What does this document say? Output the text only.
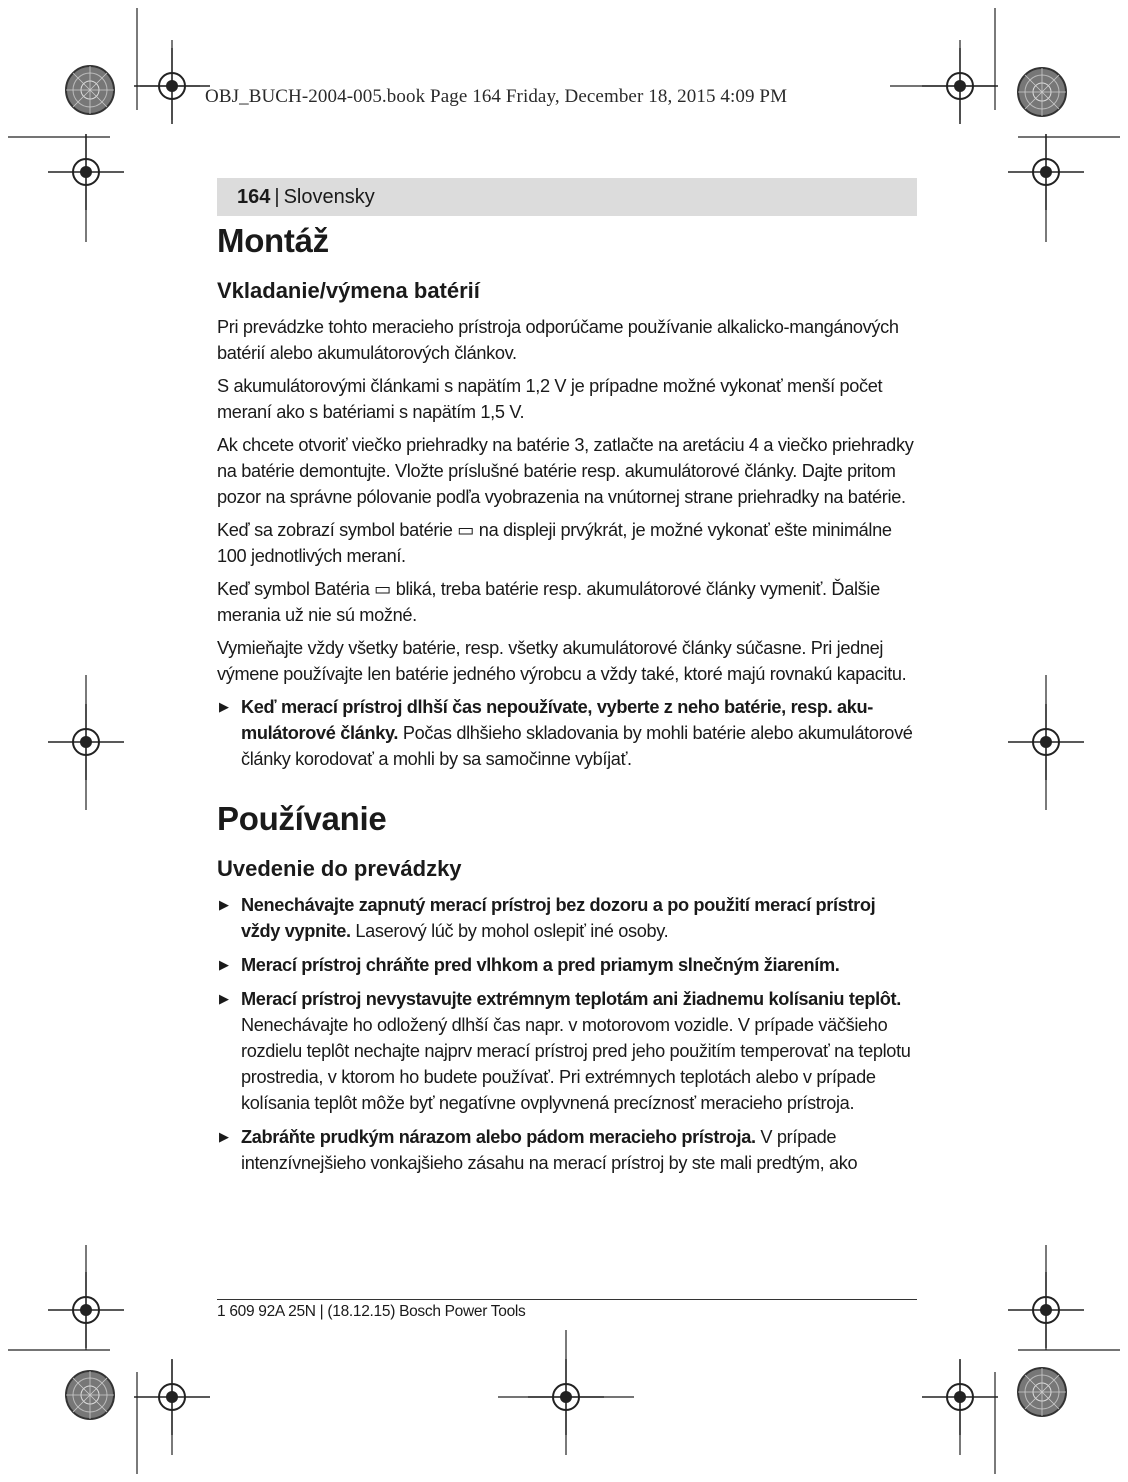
OBJ_BUCH-2004-005.book Page 164 Friday, December 18, 2015 4:09 PM
164 | Slovensky
Montáž
Vkladanie/výmena batérií

Pri prevádzke tohto meracieho prístroja odporúčame používanie alkalicko-mangánových batérií alebo akumulátorových článkov.

S akumulátorovými článkami s napätím 1,2 V je prípadne možné vykonať menší počet meraní ako s batériami s napätím 1,5 V.

Ak chcete otvoriť viečko priehradky na batérie 3, zatlačte na aretáciu 4 a viečko priehradky na batérie demontujte. Vložte príslušné batérie resp. akumulátorové články. Dajte pritom pozor na správne pólovanie podľa vyobrazenia na vnútornej strane priehradky na batérie.

Keď sa zobrazí symbol batérie ▭ na displeji prvýkrát, je možné vykonať ešte minimálne 100 jednotlivých meraní.

Keď symbol Batéria ▭ bliká, treba batérie resp. akumulátorové články vymeniť. Ďalšie merania už nie sú možné.

Vymieňajte vždy všetky batérie, resp. všetky akumulátorové články súčasne. Pri jednej výmene používajte len batérie jedného výrobcu a vždy také, ktoré majú rovnakú kapacitu.

▶ Keď merací prístroj dlhší čas nepoužívate, vyberte z neho batérie, resp. akumulátorové články. Počas dlhšieho skladovania by mohli batérie alebo akumulátorové články korodovať a mohli by sa samočinne vybíjať.
Používanie
Uvedenie do prevádzky
▶ Nenechávajte zapnutý merací prístroj bez dozoru a po použití merací prístroj vždy vypnite. Laserový lúč by mohol oslepiť iné osoby.
▶ Merací prístroj chráňte pred vlhkom a pred priamym slnečným žiarením.
▶ Merací prístroj nevystavujte extrémnym teplotám ani žiadnemu kolísaniu teplôt. Nenechávajte ho odložený dlhší čas napr. v motorovom vozidle. V prípade väčšieho rozdielu teplôt nechajte najprv merací prístroj pred jeho použitím temperovať na teplotu prostredia, v ktorom ho budete používať. Pri extrémnych teplotách alebo v prípade kolísania teplôt môže byť negatívne ovplyvnená precíznosť meracieho prístroja.
▶ Zabráňte prudkým nárazom alebo pádom meracieho prístroja. V prípade intenzívnejšieho vonkajšieho zásahu na merací prístroj by ste mali predtým, ako
1 609 92A 25N | (18.12.15) Bosch Power Tools
